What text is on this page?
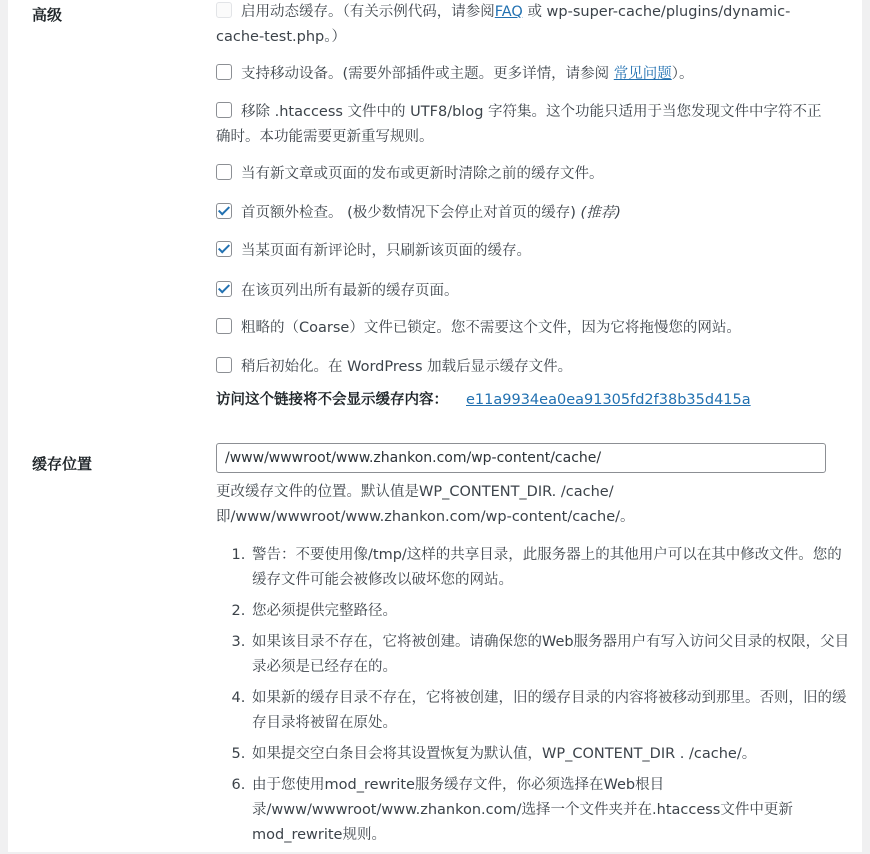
高级	启用动态缓存。（有关示例代码，请参阅FAQ 或 wp-super-cache/plugins/dynamic-cache-test.php。）
支持移动设备。(需要外部插件或主题。更多详情，请参阅 常见问题）。
移除 .htaccess 文件中的 UTF8/blog 字符集。这个功能只适用于当您发现文件中字符不正确时。本功能需要更新重写规则。
当有新文章或页面的发布或更新时清除之前的缓存文件。
首页额外检查。 (极少数情况下会停止对首页的缓存) (推荐)
当某页面有新评论时，只刷新该页面的缓存。
在该页列出所有最新的缓存页面。
粗略的（Coarse）文件已锁定。您不需要这个文件，因为它将拖慢您的网站。
稍后初始化。在 WordPress 加载后显示缓存文件。
访问这个链接将不会显示缓存内容： e11a9934ea0ea91305fd2f38b35d415a
缓存位置
/www/wwwroot/www.zhankon.com/wp-content/cache/
更改缓存文件的位置。默认值是WP_CONTENT_DIR. /cache/ 即/www/wwwroot/www.zhankon.com/wp-content/cache/。
1. 警告：不要使用像/tmp/这样的共享目录，此服务器上的其他用户可以在其中修改文件。您的缓存文件可能会被修改以破坏您的网站。
2. 您必须提供完整路径。
3. 如果该目录不存在，它将被创建。请确保您的Web服务器用户有写入访问父目录的权限，父目录必须是已经存在的。
4. 如果新的缓存目录不存在，它将被创建，旧的缓存目录的内容将被移动到那里。否则，旧的缓存目录将被留在原处。
5. 如果提交空白条目会将其设置恢复为默认值，WP_CONTENT_DIR . /cache/。
6. 由于您使用mod_rewrite服务缓存文件，你必须选择在Web根目录/www/wwwroot/www.zhankon.com/选择一个文件夹并在.htaccess文件中更新mod_rewrite规则。
